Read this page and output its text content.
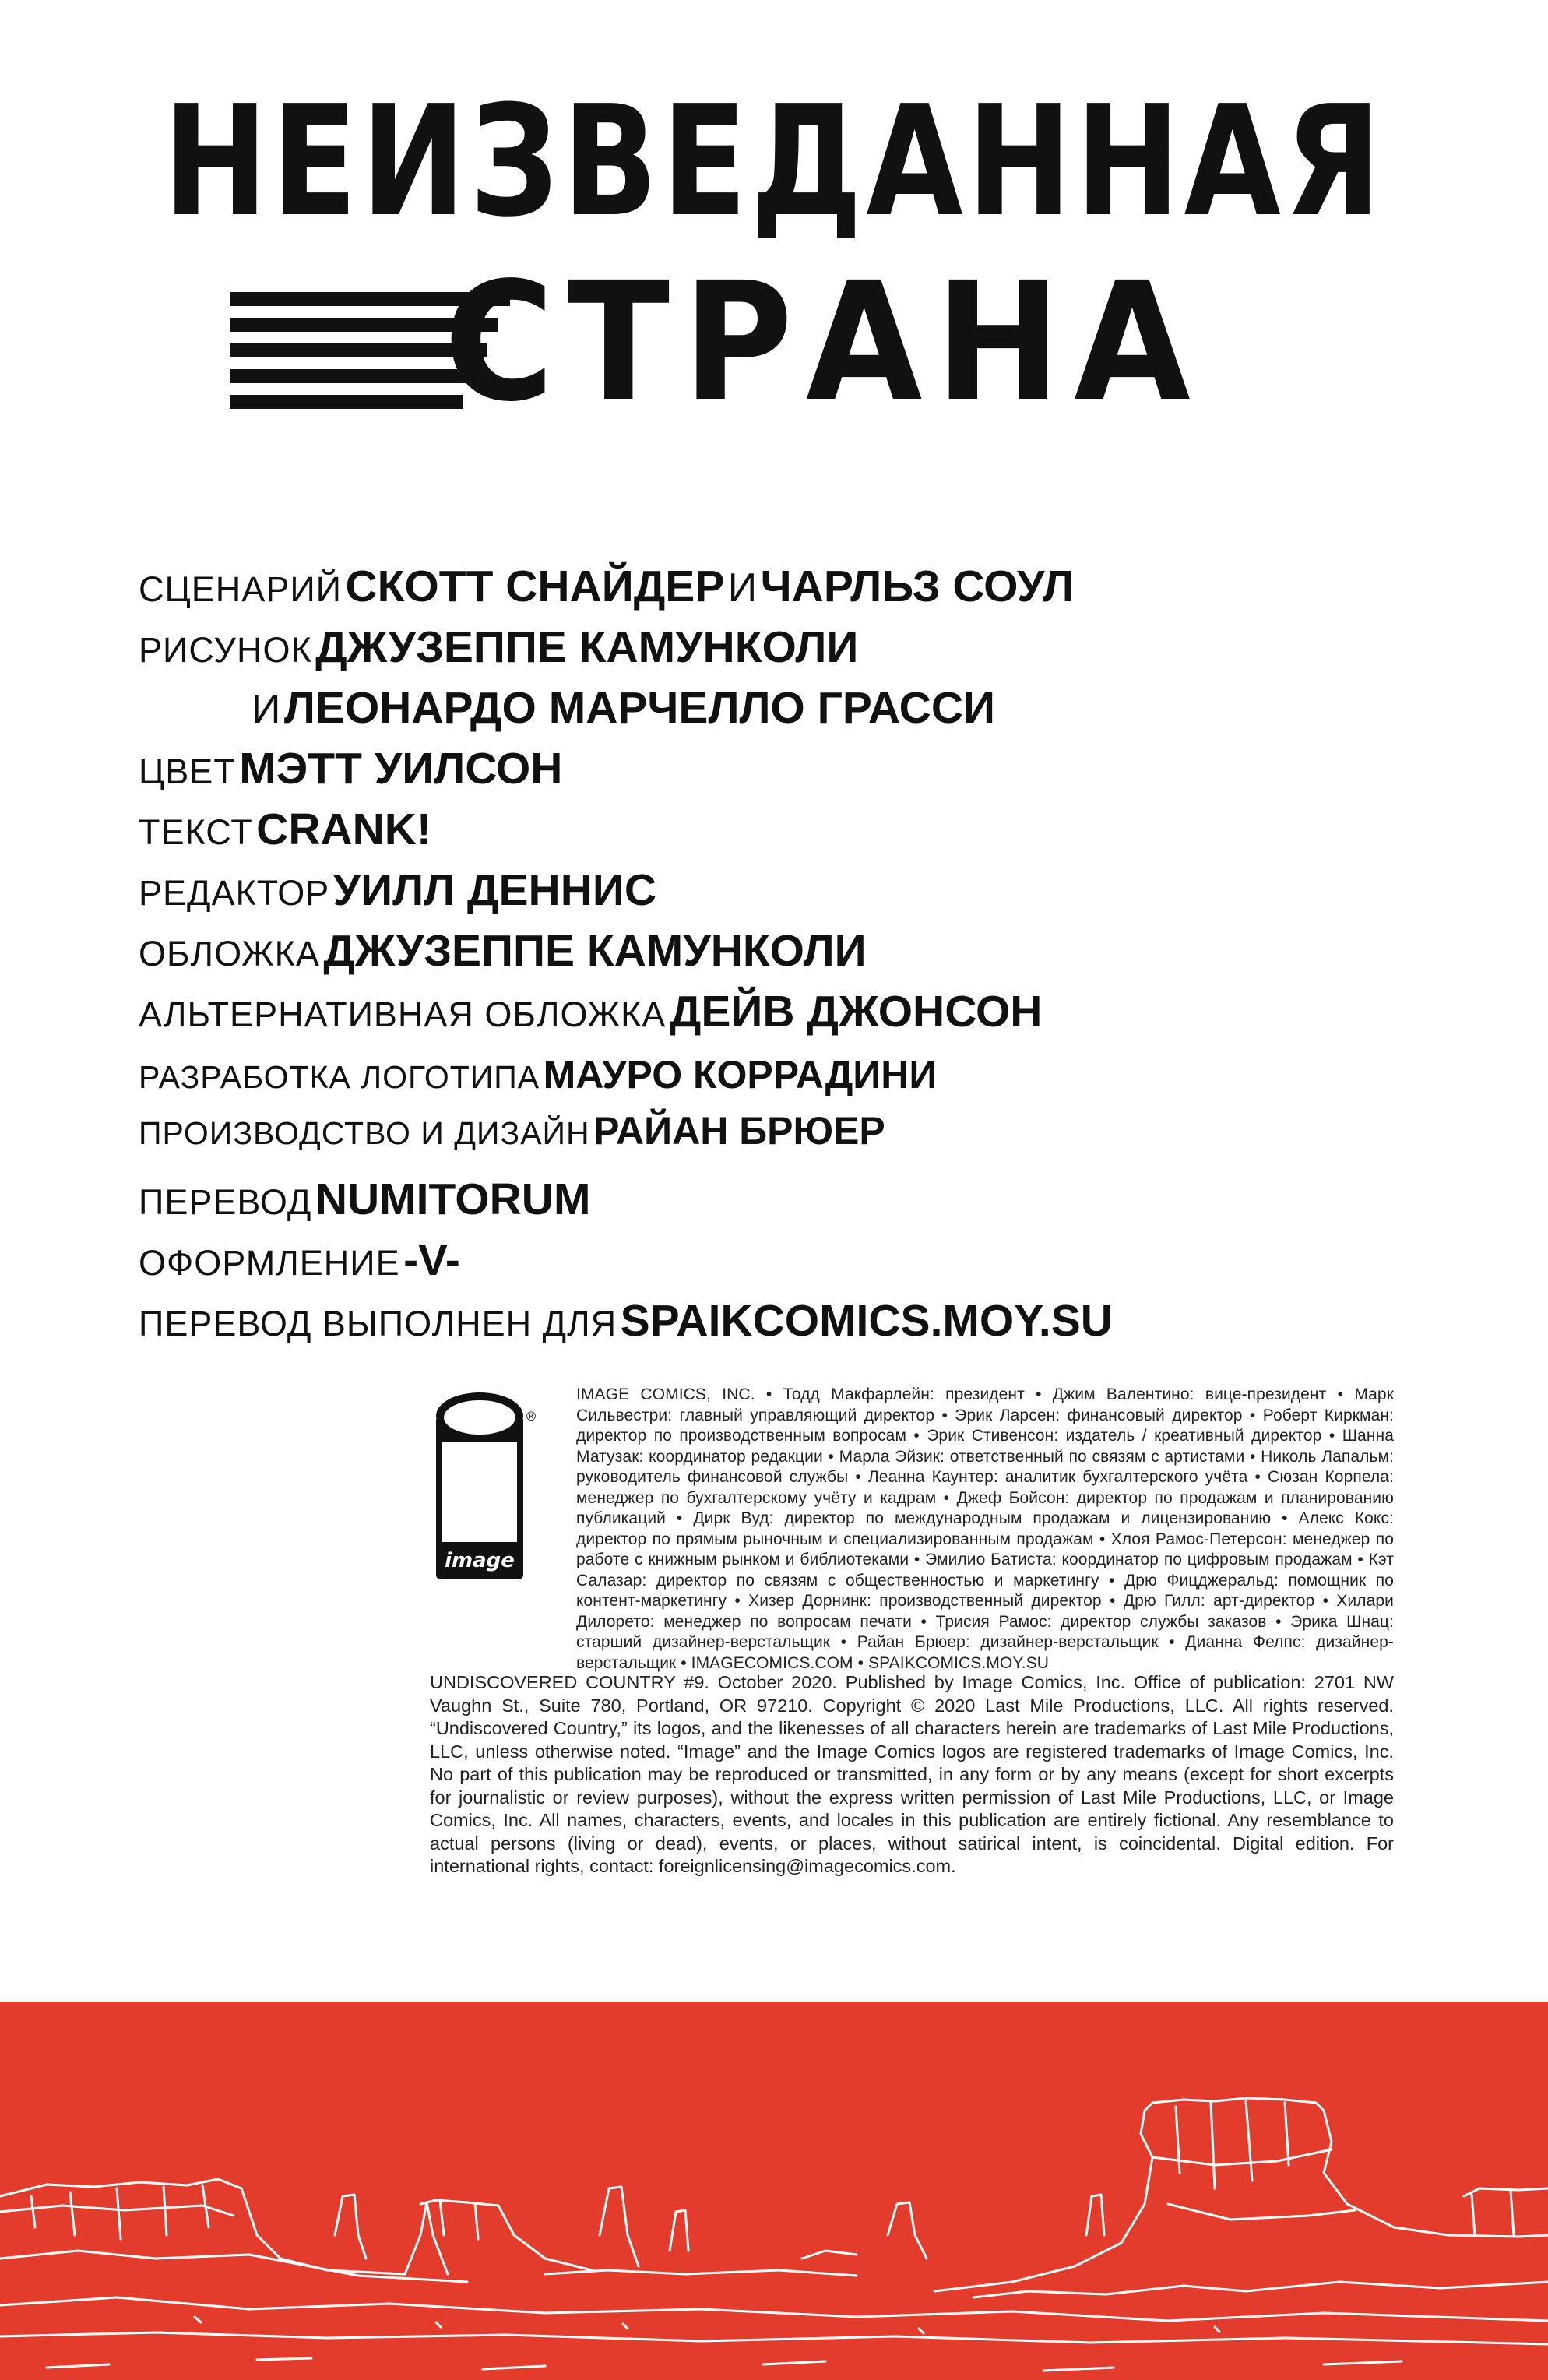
НЕИЗВЕДАННАЯ
СТРАНА
СЦЕНАРИЙ СКОТТ СНАЙДЕР И ЧАРЛЬЗ СОУЛ
РИСУНОК ДЖУЗЕППЕ КАМУНКОЛИ
И ЛЕОНАРДО МАРЧЕЛЛО ГРАССИ
ЦВЕТ МЭТТ УИЛСОН
ТЕКСТ CRANK!
РЕДАКТОР УИЛЛ ДЕННИС
ОБЛОЖКА ДЖУЗЕППЕ КАМУНКОЛИ
АЛЬТЕРНАТИВНАЯ ОБЛОЖКА ДЕЙВ ДЖОНСОН
РАЗРАБОТКА ЛОГОТИПА МАУРО КОРРАДИНИ
ПРОИЗВОДСТВО И ДИЗАЙН РАЙАН БРЮЕР
ПЕРЕВОД NUMITORUM
ОФОРМЛЕНИЕ -V-
ПЕРЕВОД ВЫПОЛНЕН ДЛЯ SPAIKCOMICS.MOY.SU
image
®
IMAGE COMICS, INC. • Тодд Макфарлейн: президент • Джим Валентино: вице-президент • Марк Сильвестри: главный управляющий директор • Эрик Ларсен: финансовый директор • Роберт Киркман: директор по производственным вопросам • Эрик Стивенсон: издатель / креативный директор • Шанна Матузак: координатор редакции • Марла Эйзик: ответственный по связям с артистами • Николь Лапальм: руководитель финансовой службы • Леанна Каунтер: аналитик бухгалтерского учёта • Сюзан Корпела: менеджер по бухгалтерскому учёту и кадрам • Джеф Бойсон: директор по продажам и планированию публикаций • Дирк Вуд: директор по международным продажам и лицензированию • Алекс Кокс: директор по прямым рыночным и специализированным продажам • Хлоя Рамос-Петерсон: менеджер по работе с книжным рынком и библиотеками • Эмилио Батиста: координатор по цифровым продажам • Кэт Салазар: директор по связям с общественностью и маркетингу • Дрю Фицджеральд: помощник по контент-маркетингу • Хизер Дорнинк: производственный директор • Дрю Гилл: арт-директор • Хилари Дилорето: менеджер по вопросам печати • Трисия Рамос: директор службы заказов • Эрика Шнац: старший дизайнер-верстальщик • Райан Брюер: дизайнер-верстальщик • Дианна Фелпс: дизайнер-верстальщик • IMAGECOMICS.COM • SPAIKCOMICS.MOY.SU
UNDISCOVERED COUNTRY #9. October 2020. Published by Image Comics, Inc. Office of publication: 2701 NW Vaughn St., Suite 780, Portland, OR 97210. Copyright © 2020 Last Mile Productions, LLC. All rights reserved. “Undiscovered Country,” its logos, and the likenesses of all characters herein are trademarks of Last Mile Productions, LLC, unless otherwise noted. “Image” and the Image Comics logos are registered trademarks of Image Comics, Inc. No part of this publication may be reproduced or transmitted, in any form or by any means (except for short excerpts for journalistic or review purposes), without the express written permission of Last Mile Productions, LLC, or Image Comics, Inc. All names, characters, events, and locales in this publication are entirely fictional. Any resemblance to actual persons (living or dead), events, or places, without satirical intent, is coincidental. Digital edition. For international rights, contact: foreignlicensing@imagecomics.com.
